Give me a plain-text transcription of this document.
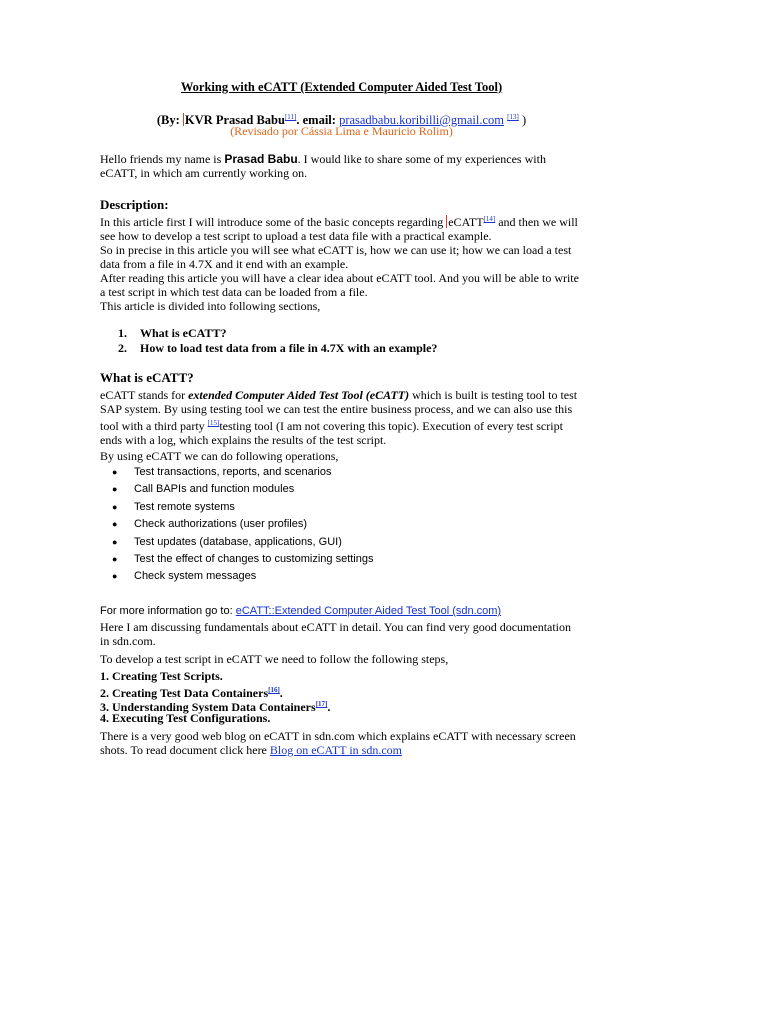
Working with eCATT (Extended Computer Aided Test Tool)
(By: KVR Prasad Babu[11]. email: prasadbabu.koribilli@gmail.com [13] )
(Revisado por Cássia Lima e Mauricio Rolim)
Hello friends my name is Prasad Babu. I would like to share some of my experiences with eCATT, in which am currently working on.
Description:
In this article first I will introduce some of the basic concepts regarding eCATT[14] and then we will see how to develop a test script to upload a test data file with a practical example.
So in precise in this article you will see what eCATT is, how we can use it; how we can load a test data from a file in 4.7X and it end with an example.
After reading this article you will have a clear idea about eCATT tool. And you will be able to write a test script in which test data can be loaded from a file.
This article is divided into following sections,
1. What is eCATT?
2. How to load test data from a file in 4.7X with an example?
What is eCATT?
eCATT stands for extended Computer Aided Test Tool (eCATT) which is built is testing tool to test SAP system. By using testing tool we can test the entire business process, and we can also use this tool with a third party [15]testing tool (I am not covering this topic). Execution of every test script ends with a log, which explains the results of the test script.
By using eCATT we can do following operations,
● Test transactions, reports, and scenarios
● Call BAPIs and function modules
● Test remote systems
● Check authorizations (user profiles)
● Test updates (database, applications, GUI)
● Test the effect of changes to customizing settings
● Check system messages
For more information go to: eCATT::Extended Computer Aided Test Tool (sdn.com)
Here I am discussing fundamentals about eCATT in detail. You can find very good documentation in sdn.com.
To develop a test script in eCATT we need to follow the following steps,
1. Creating Test Scripts.
2. Creating Test Data Containers[16].
3. Understanding System Data Containers[17].
4. Executing Test Configurations.
There is a very good web blog on eCATT in sdn.com which explains eCATT with necessary screen shots. To read document click here Blog on eCATT in sdn.com
